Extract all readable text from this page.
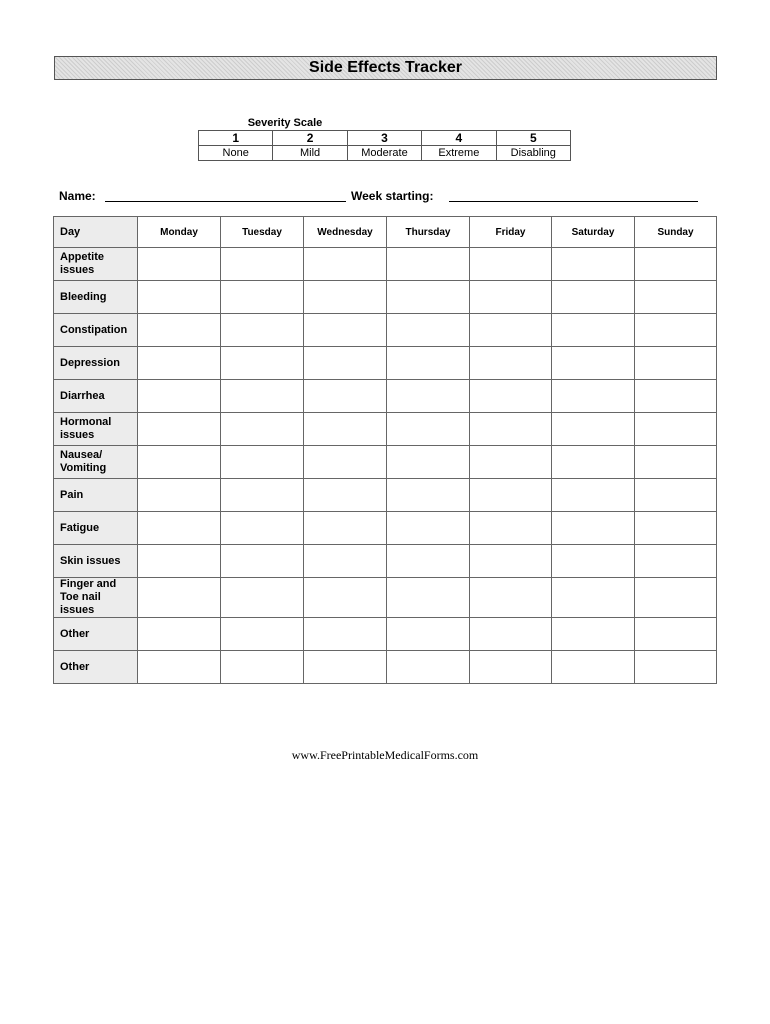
Side Effects Tracker
Severity Scale
1	2	3	4	5
None	Mild	Moderate	Extreme	Disabling
Name:	Week starting:
Day	Monday	Tuesday	Wednesday	Thursday	Friday	Saturday	Sunday
Appetite issues							
Bleeding							
Constipation							
Depression							
Diarrhea							
Hormonal issues							
Nausea/ Vomiting							
Pain							
Fatigue							
Skin issues							
Finger and Toe nail issues							
Other							
Other							
www.FreePrintableMedicalForms.com
